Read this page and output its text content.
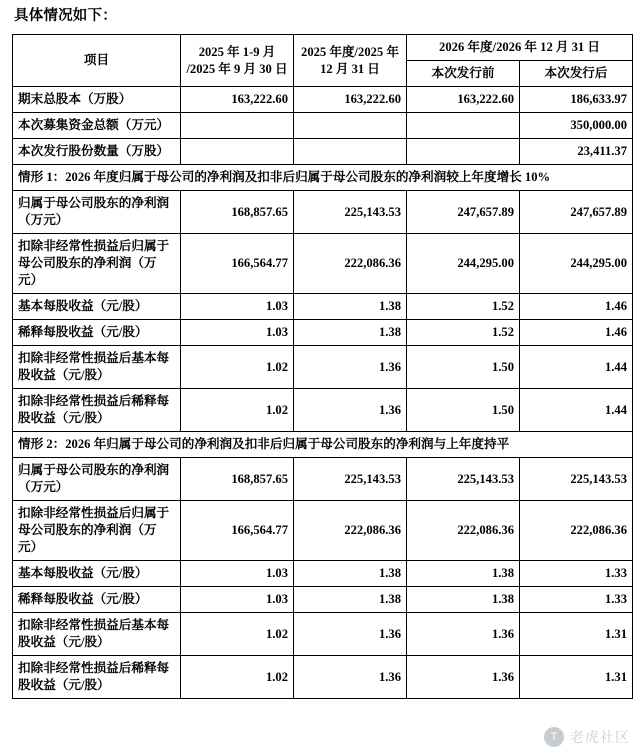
具体情况如下：
项目	2025 年 1-9 月 /2025 年 9 月 30 日	2025 年度/2025 年 12 月 31 日	2026 年度/2026 年 12 月 31 日	
			本次发行前	本次发行后
期末总股本（万股）	163,222.60	163,222.60	163,222.60	186,633.97
本次募集资金总额（万元）				350,000.00
本次发行股份数量（万股）				23,411.37
情形 1：2026 年度归属于母公司的净利润及扣非后归属于母公司股东的净利润较上年度增长 10%				
归属于母公司股东的净利润（万元）	168,857.65	225,143.53	247,657.89	247,657.89
扣除非经常性损益后归属于母公司股东的净利润（万元）	166,564.77	222,086.36	244,295.00	244,295.00
基本每股收益（元/股）	1.03	1.38	1.52	1.46
稀释每股收益（元/股）	1.03	1.38	1.52	1.46
扣除非经常性损益后基本每股收益（元/股）	1.02	1.36	1.50	1.44
扣除非经常性损益后稀释每股收益（元/股）	1.02	1.36	1.50	1.44
情形 2：2026 年归属于母公司的净利润及扣非后归属于母公司股东的净利润与上年度持平				
归属于母公司股东的净利润（万元）	168,857.65	225,143.53	225,143.53	225,143.53
扣除非经常性损益后归属于母公司股东的净利润（万元）	166,564.77	222,086.36	222,086.36	222,086.36
基本每股收益（元/股）	1.03	1.38	1.38	1.33
稀释每股收益（元/股）	1.03	1.38	1.38	1.33
扣除非经常性损益后基本每股收益（元/股）	1.02	1.36	1.36	1.31
扣除非经常性损益后稀释每股收益（元/股）	1.02	1.36	1.36	1.31
T 老虎社区
